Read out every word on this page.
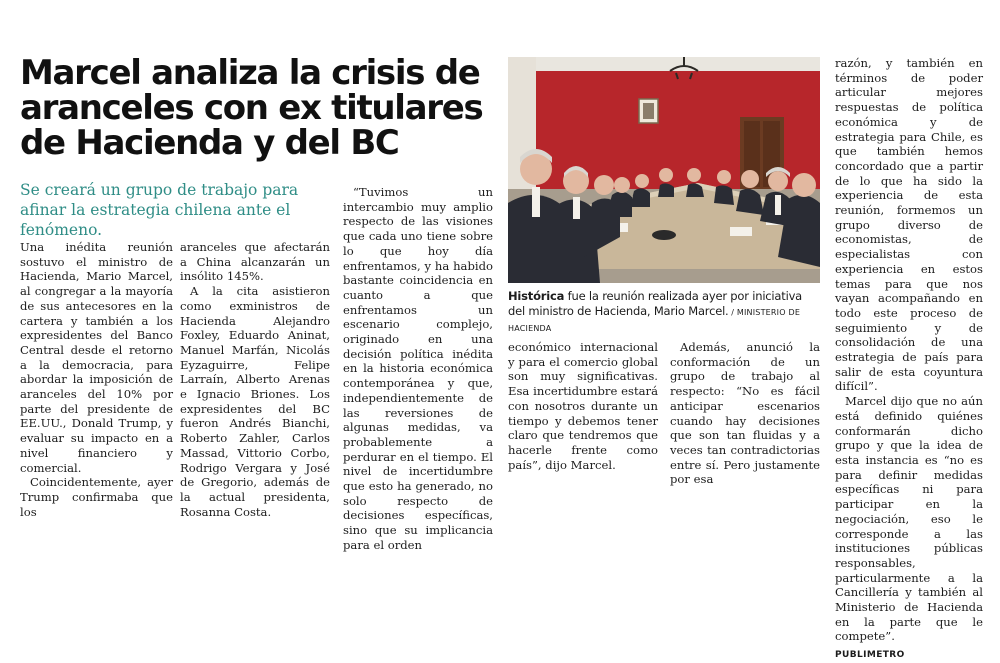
Marcel analiza la crisis de aranceles con ex titulares de Hacienda y del BC
Se creará un grupo de trabajo para afinar la estrategia chilena ante el fenómeno.

Una inédita reunión sostuvo el ministro de Hacienda, Mario Marcel, al congregar a la mayoría de sus antecesores en la cartera y también a los expresidentes del Banco Central desde el retorno a la democracia, para abordar la imposición de aranceles del 10% por parte del presidente de EE.UU., Donald Trump, y evaluar su impacto en a nivel financiero y comercial.

Coincidentemente, ayer Trump confirmaba que los

aranceles que afectarán a China alcanzarán un insólito 145%.

A la cita asistieron como exministros de Hacienda Alejandro Foxley, Eduardo Aninat, Manuel Marfán, Nicolás Eyzaguirre, Felipe Larraín, Alberto Arenas e Ignacio Briones. Los expresidentes del BC fueron Andrés Bianchi, Roberto Zahler, Carlos Massad, Vittorio Corbo, Rodrigo Vergara y José de Gregorio, además de la actual presidenta, Rosanna Costa.

“Tuvimos un intercambio muy amplio respecto de las visiones que cada uno tiene sobre lo que hoy día enfrentamos, y ha habido bastante coincidencia en cuanto a que enfrentamos un escenario complejo, originado en una decisión política inédita en la historia económica contemporánea y que, independientemente de las reversiones de algunas medidas, va probablemente a perdurar en el tiempo. El nivel de incertidumbre que esto ha generado, no solo respecto de decisiones específicas, sino que su implicancia para el orden

Histórica fue la reunión realizada ayer por iniciativa del ministro de Hacienda, Mario Marcel. / MINISTERIO DE HACIENDA

económico internacional y para el comercio global son muy significativas. Esa incertidumbre estará con nosotros durante un tiempo y debemos tener claro que tendremos que hacerle frente como país”, dijo Marcel.

Además, anunció la conformación de un grupo de trabajo al respecto: “No es fácil anticipar escenarios cuando hay decisiones que son tan fluidas y a veces tan contradictorias entre sí. Pero justamente por esa

razón, y también en términos de poder articular mejores respuestas de política económica y de estrategia para Chile, es que también hemos concordado que a partir de lo que ha sido la experiencia de esta reunión, formemos un grupo diverso de economistas, de especialistas con experiencia en estos temas para que nos vayan acompañando en todo este proceso de seguimiento y de consolidación de una estrategia de país para salir de esta coyuntura difícil”.

Marcel dijo que no aún está definido quiénes conformarán dicho grupo y que la idea de esta instancia es “no es para definir medidas específicas ni para participar en la negociación, eso le corresponde a las instituciones públicas responsables, particularmente a la Cancillería y también al Ministerio de Hacienda en la parte que le compete”.

PUBLIMETRO
